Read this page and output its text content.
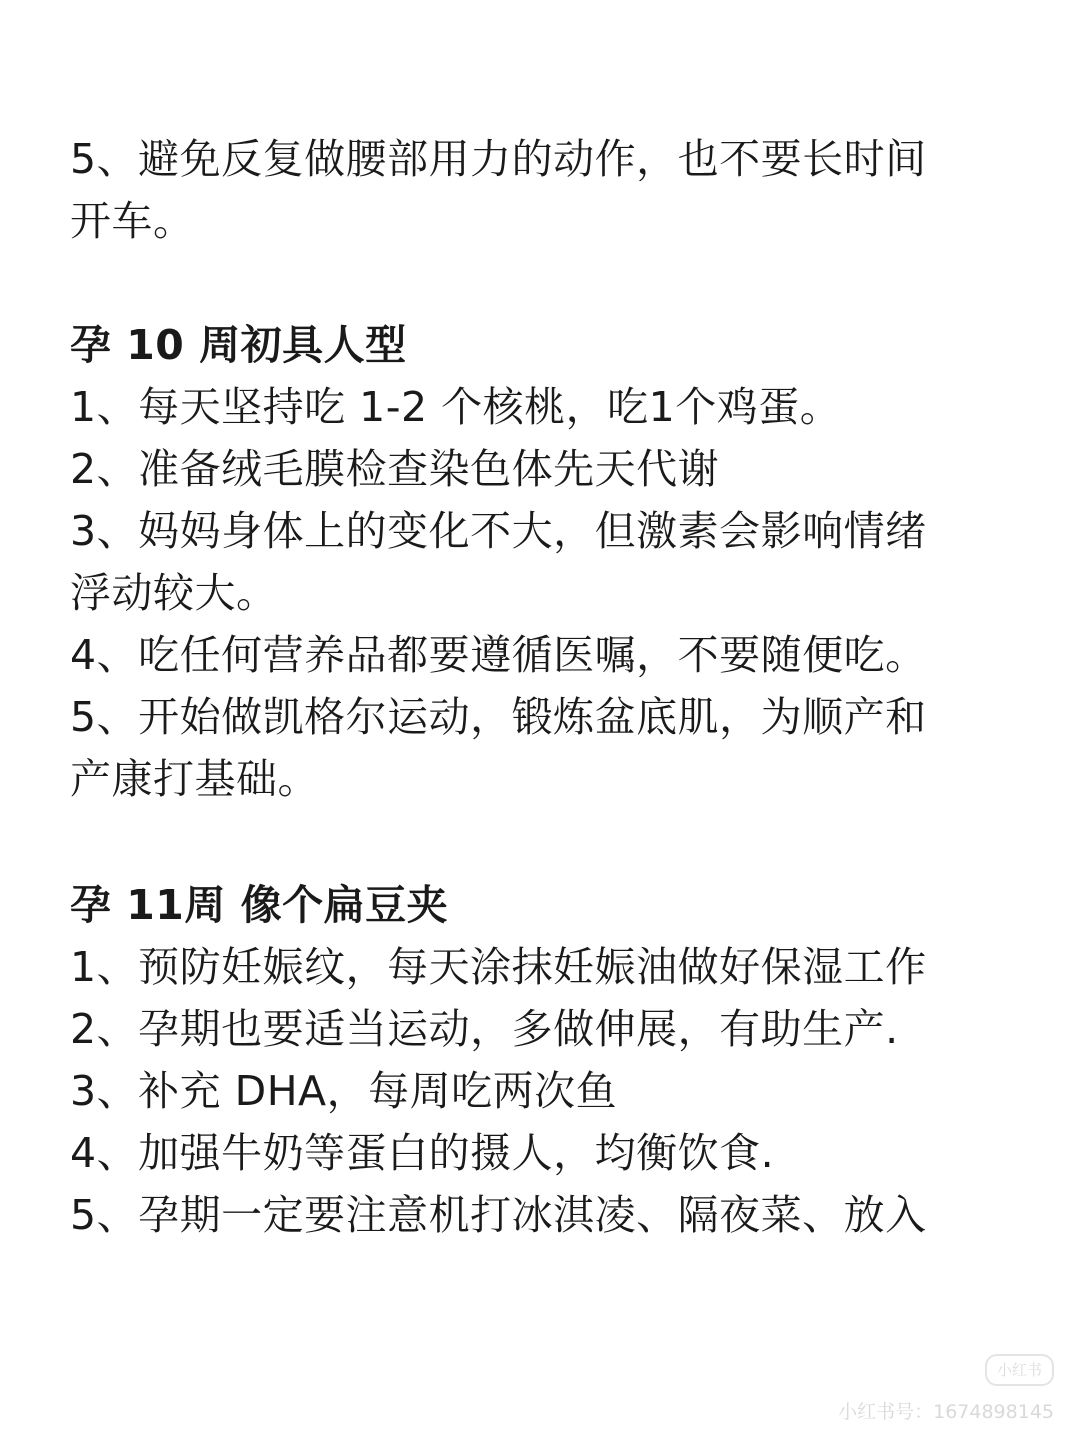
5、避免反复做腰部用力的动作，也不要长时间
开车。
孕 10 周初具人型
1、每天坚持吃 1-2 个核桃，吃1个鸡蛋。
2、准备绒毛膜检查染色体先天代谢
3、妈妈身体上的变化不大，但激素会影响情绪
浮动较大。
4、吃任何营养品都要遵循医嘱，不要随便吃。
5、开始做凯格尔运动，锻炼盆底肌，为顺产和
产康打基础。
孕 11周 像个扁豆夹
1、预防妊娠纹，每天涂抹妊娠油做好保湿工作
2、孕期也要适当运动，多做伸展，有助生产.
3、补充 DHA，每周吃两次鱼
4、加强牛奶等蛋白的摄人，均衡饮食.
5、孕期一定要注意机打冰淇凌、隔夜菜、放入
小红书
小红书号：1674898145
